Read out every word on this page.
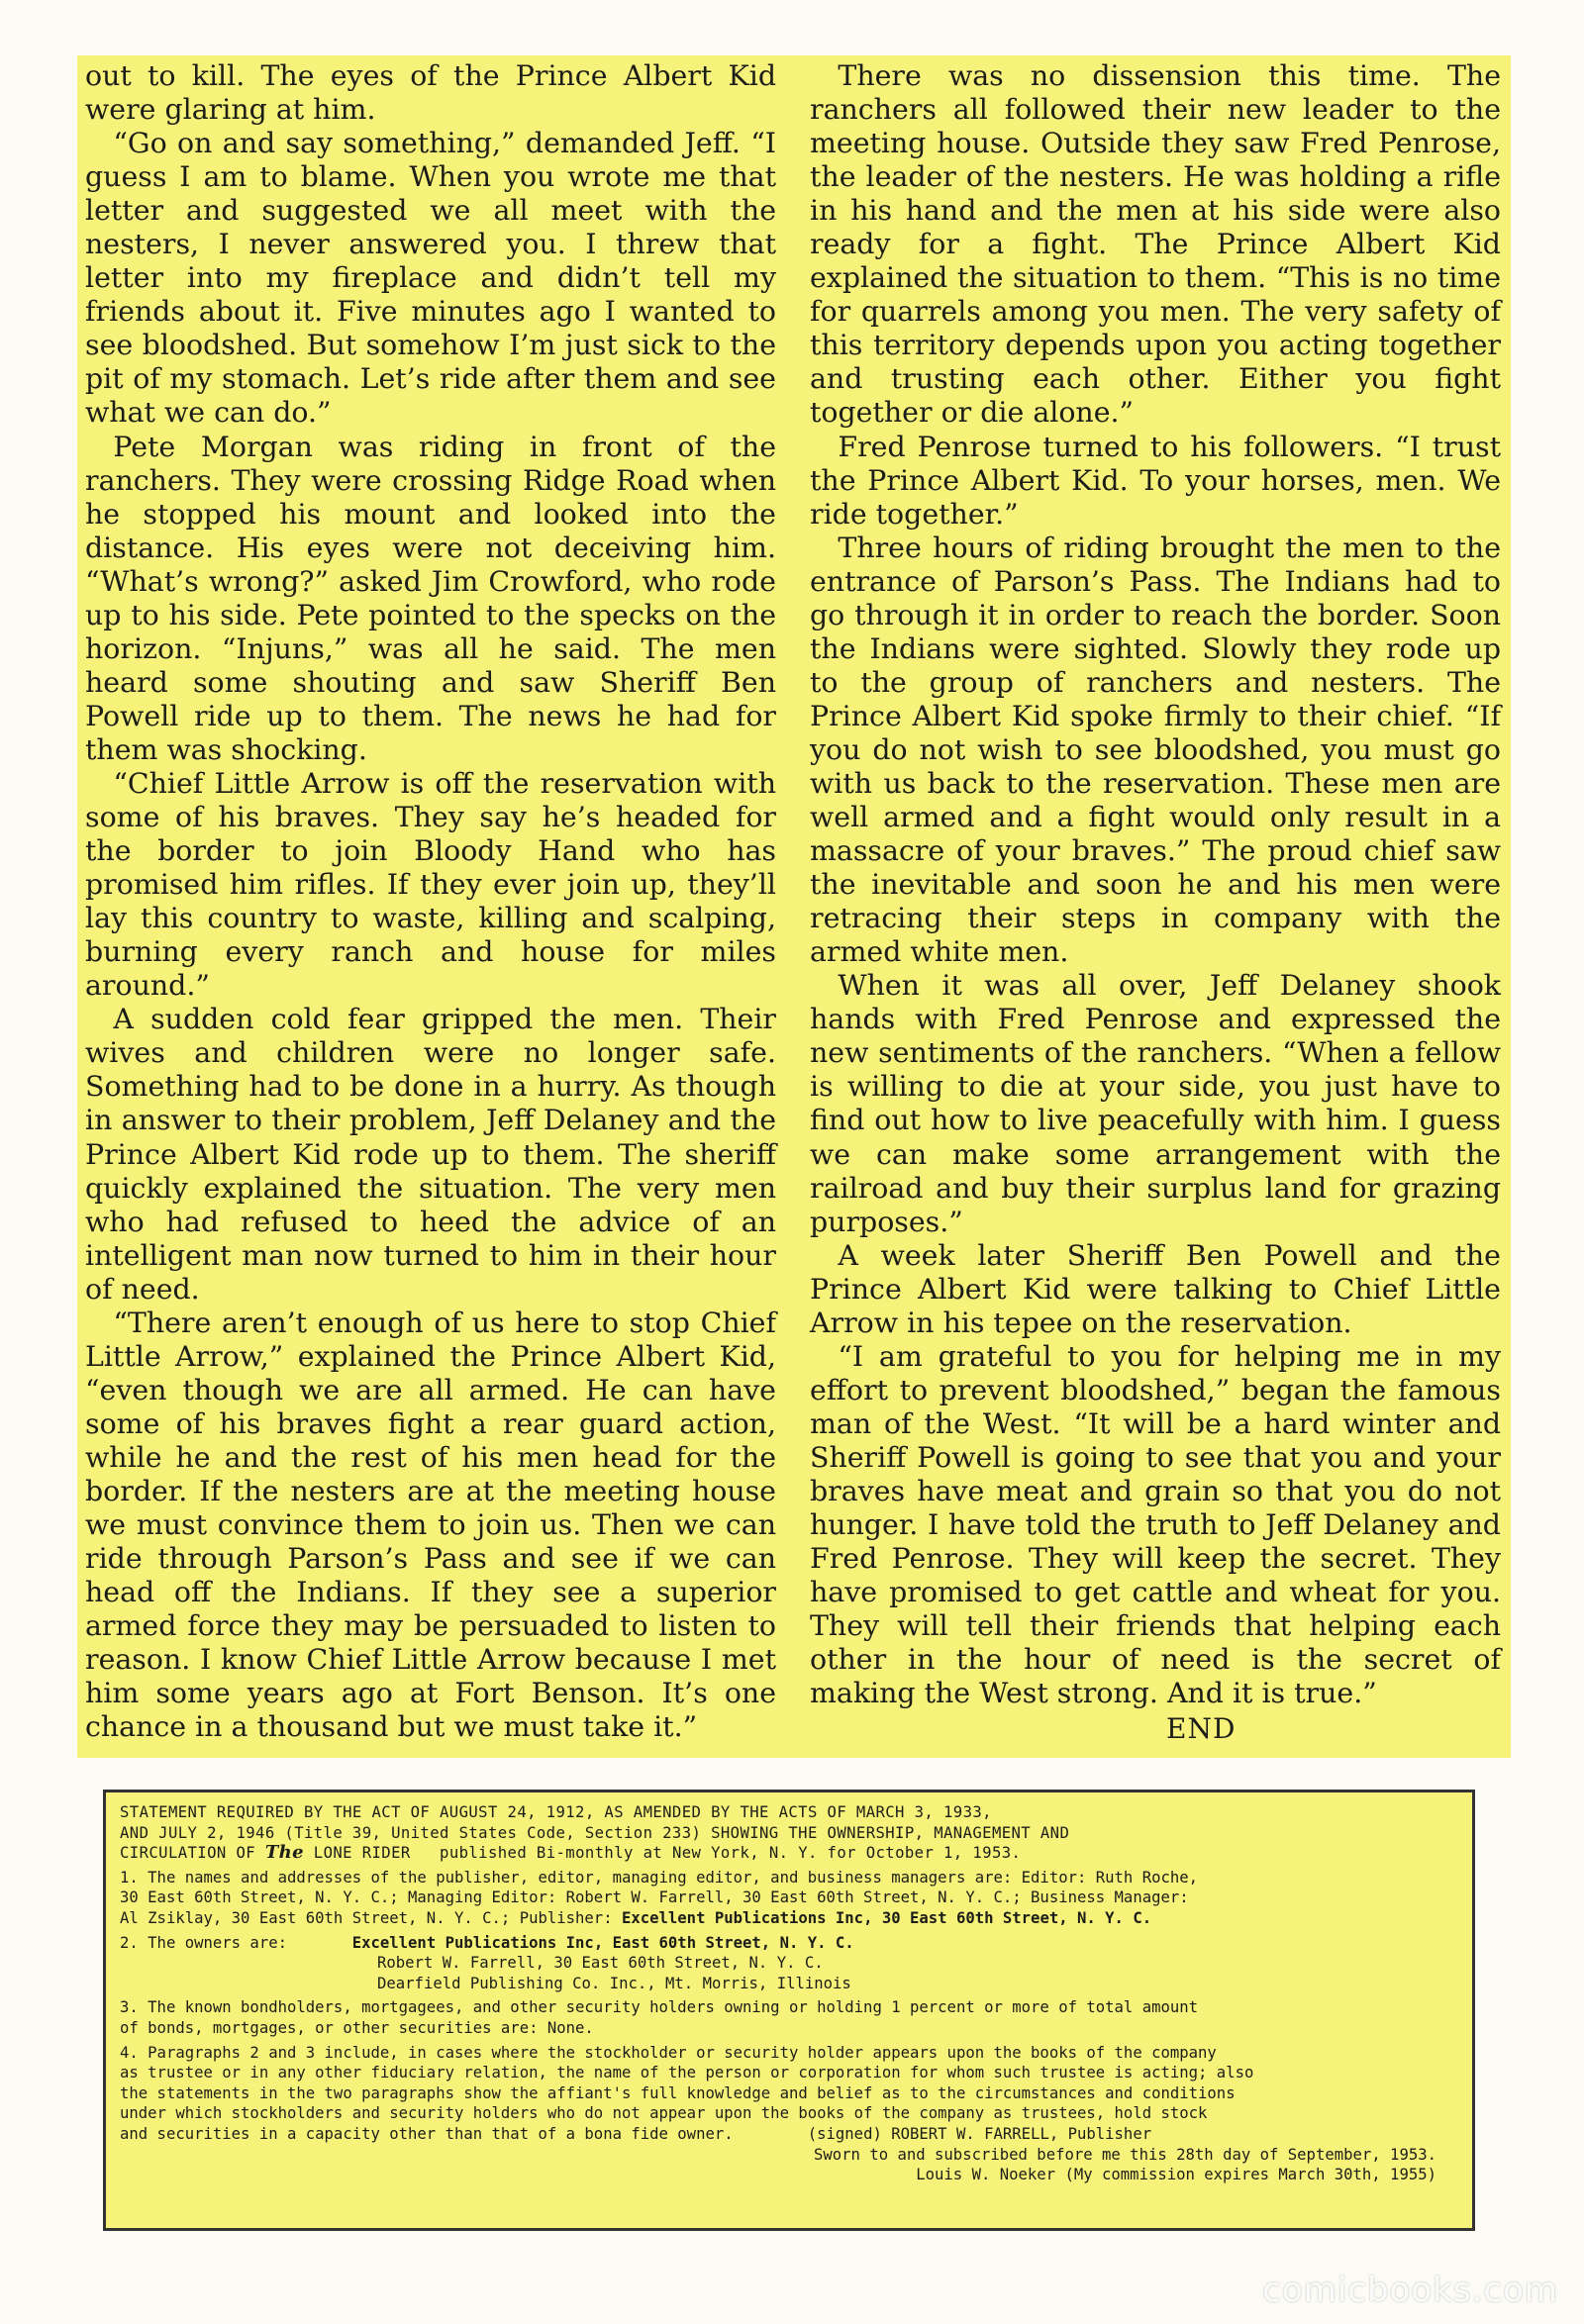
out to kill. The eyes of the Prince Albert Kid were glaring at him.

“Go on and say something,” demanded Jeff. “I guess I am to blame. When you wrote me that letter and suggested we all meet with the nesters, I never answered you. I threw that letter into my fireplace and didn’t tell my friends about it. Five minutes ago I wanted to see bloodshed. But somehow I’m just sick to the pit of my stomach. Let’s ride after them and see what we can do.”

Pete Morgan was riding in front of the ranchers. They were crossing Ridge Road when he stopped his mount and looked into the distance. His eyes were not deceiving him. “What’s wrong?” asked Jim Crowford, who rode up to his side. Pete pointed to the specks on the horizon. “Injuns,” was all he said. The men heard some shouting and saw Sheriff Ben Powell ride up to them. The news he had for them was shocking.

“Chief Little Arrow is off the reservation with some of his braves. They say he’s headed for the border to join Bloody Hand who has promised him rifles. If they ever join up, they’ll lay this country to waste, killing and scalping, burning every ranch and house for miles around.”

A sudden cold fear gripped the men. Their wives and children were no longer safe. Something had to be done in a hurry. As though in answer to their problem, Jeff Delaney and the Prince Albert Kid rode up to them. The sheriff quickly explained the situation. The very men who had refused to heed the advice of an intelligent man now turned to him in their hour of need.

“There aren’t enough of us here to stop Chief Little Arrow,” explained the Prince Albert Kid, “even though we are all armed. He can have some of his braves fight a rear guard action, while he and the rest of his men head for the border. If the nesters are at the meeting house we must convince them to join us. Then we can ride through Parson’s Pass and see if we can head off the Indians. If they see a superior armed force they may be persuaded to listen to reason. I know Chief Little Arrow because I met him some years ago at Fort Benson. It’s one chance in a thousand but we must take it.”

There was no dissension this time. The ranchers all followed their new leader to the meeting house. Outside they saw Fred Penrose, the leader of the nesters. He was holding a rifle in his hand and the men at his side were also ready for a fight. The Prince Albert Kid explained the situation to them. “This is no time for quarrels among you men. The very safety of this territory depends upon you acting together and trusting each other. Either you fight together or die alone.”

Fred Penrose turned to his followers. “I trust the Prince Albert Kid. To your horses, men. We ride together.”

Three hours of riding brought the men to the entrance of Parson’s Pass. The Indians had to go through it in order to reach the border. Soon the Indians were sighted. Slowly they rode up to the group of ranchers and nesters. The Prince Albert Kid spoke firmly to their chief. “If you do not wish to see bloodshed, you must go with us back to the reservation. These men are well armed and a fight would only result in a massacre of your braves.” The proud chief saw the inevitable and soon he and his men were retracing their steps in company with the armed white men.

When it was all over, Jeff Delaney shook hands with Fred Penrose and expressed the new sentiments of the ranchers. “When a fellow is willing to die at your side, you just have to find out how to live peacefully with him. I guess we can make some arrangement with the railroad and buy their surplus land for grazing purposes.”

A week later Sheriff Ben Powell and the Prince Albert Kid were talking to Chief Little Arrow in his tepee on the reservation.

“I am grateful to you for helping me in my effort to prevent bloodshed,” began the famous man of the West. “It will be a hard winter and Sheriff Powell is going to see that you and your braves have meat and grain so that you do not hunger. I have told the truth to Jeff Delaney and Fred Penrose. They will keep the secret. They have promised to get cattle and wheat for you. They will tell their friends that helping each other in the hour of need is the secret of making the West strong. And it is true.”

END
STATEMENT REQUIRED BY THE ACT OF AUGUST 24, 1912, AS AMENDED BY THE ACTS OF MARCH 3, 1933,
AND JULY 2, 1946 (Title 39, United States Code, Section 233) SHOWING THE OWNERSHIP, MANAGEMENT AND
CIRCULATION OF The LONE RIDER   published Bi-monthly at New York, N. Y. for October 1, 1953.
1. The names and addresses of the publisher, editor, managing editor, and business managers are: Editor: Ruth Roche,
30 East 60th Street, N. Y. C.; Managing Editor: Robert W. Farrell, 30 East 60th Street, N. Y. C.; Business Manager:
Al Zsiklay, 30 East 60th Street, N. Y. C.; Publisher: Excellent Publications Inc, 30 East 60th Street, N. Y. C.
2. The owners are:	Excellent Publications Inc, East 60th Street, N. Y. C.
Robert W. Farrell, 30 East 60th Street, N. Y. C.
Dearfield Publishing Co. Inc., Mt. Morris, Illinois
3. The known bondholders, mortgagees, and other security holders owning or holding 1 percent or more of total amount
of bonds, mortgages, or other securities are: None.
4. Paragraphs 2 and 3 include, in cases where the stockholder or security holder appears upon the books of the company
as trustee or in any other fiduciary relation, the name of the person or corporation for whom such trustee is acting; also
the statements in the two paragraphs show the affiant's full knowledge and belief as to the circumstances and conditions
under which stockholders and security holders who do not appear upon the books of the company as trustees, hold stock
and securities in a capacity other than that of a bona fide owner.	(signed) ROBERT W. FARRELL, Publisher
Sworn to and subscribed before me this 28th day of September, 1953.
Louis W. Noeker (My commission expires March 30th, 1955)
comicbooks.com
